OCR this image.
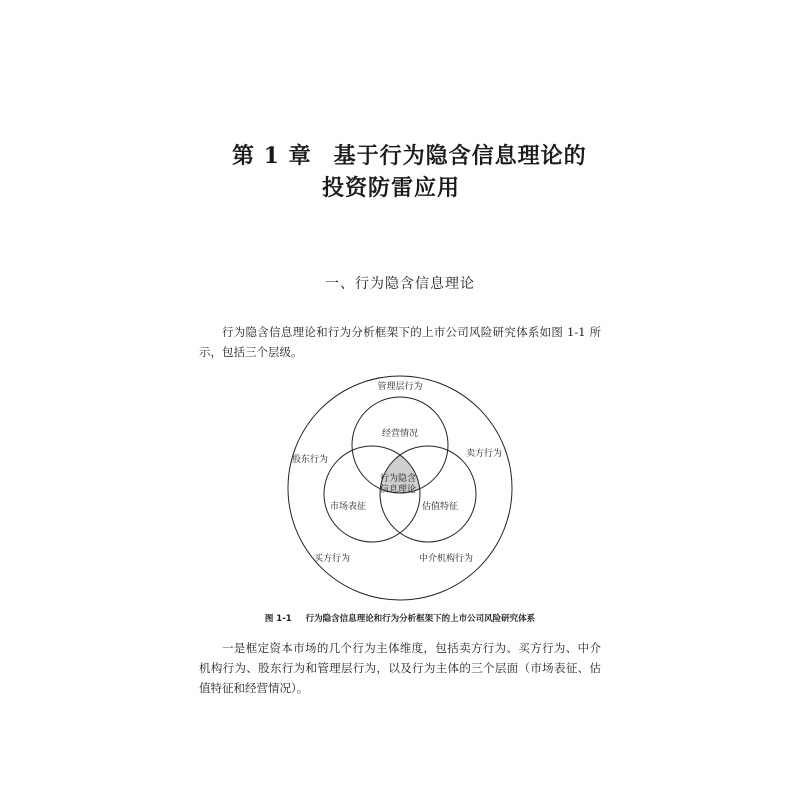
第 1 章 基于行为隐含信息理论的
投资防雷应用
一、行为隐含信息理论
行为隐含信息理论和行为分析框架下的上市公司风险研究体系如图 1-1 所示，包括三个层级。
管理层行为
股东行为
卖方行为
买方行为	中介机构行为
经营情况
市场表征	估值特征
行为隐含
信息理论
图 1-1 行为隐含信息理论和行为分析框架下的上市公司风险研究体系
一是框定资本市场的几个行为主体维度，包括卖方行为、买方行为、中介机构行为、股东行为和管理层行为，以及行为主体的三个层面（市场表征、估值特征和经营情况）。
